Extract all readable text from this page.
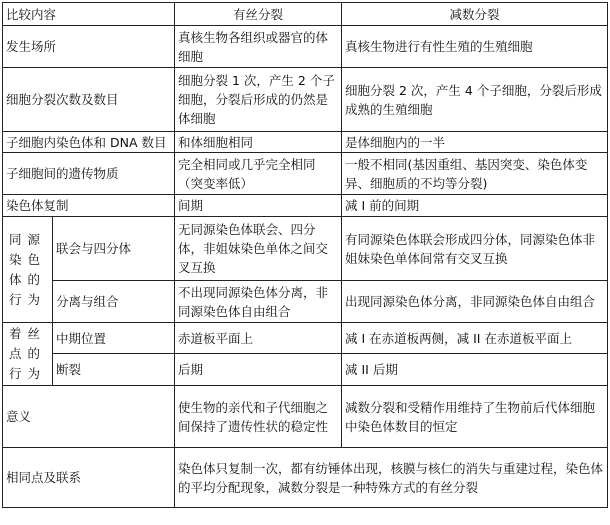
比较内容		有丝分裂	减数分裂
发生场所		真核生物各组织或器官的体细胞	真核生物进行有性生殖的生殖细胞
细胞分裂次数及数目		细胞分裂 1 次，产生 2 个子细胞，分裂后形成的仍然是体细胞	细胞分裂 2 次，产生 4 个子细胞，分裂后形成成熟的生殖细胞
子细胞内染色体和 DNA 数目		和体细胞相同	是体细胞内的一半
子细胞间的遗传物质		完全相同或几乎完全相同（突变率低）	一般不相同(基因重组、基因突变、染色体变异、细胞质的不均等分裂)
染色体复制		间期	减 I 前的间期
同源染色体的行为	联会与四分体	无同源染色体联会、四分体，非姐妹染色单体之间交叉互换	有同源染色体联会形成四分体，同源染色体非姐妹染色单体间常有交叉互换
	分离与组合	不出现同源染色体分离，非同源染色体自由组合	出现同源染色体分离，非同源染色体自由组合
着丝点的行为	中期位置	赤道板平面上	减 I 在赤道板两侧，减 II 在赤道板平面上
	断裂	后期	减 II 后期
意义		使生物的亲代和子代细胞之间保持了遗传性状的稳定性	减数分裂和受精作用维持了生物前后代体细胞中染色体数目的恒定
相同点及联系		染色体只复制一次，都有纺锤体出现，核膜与核仁的消失与重建过程，染色体的平均分配现象，减数分裂是一种特殊方式的有丝分裂	
